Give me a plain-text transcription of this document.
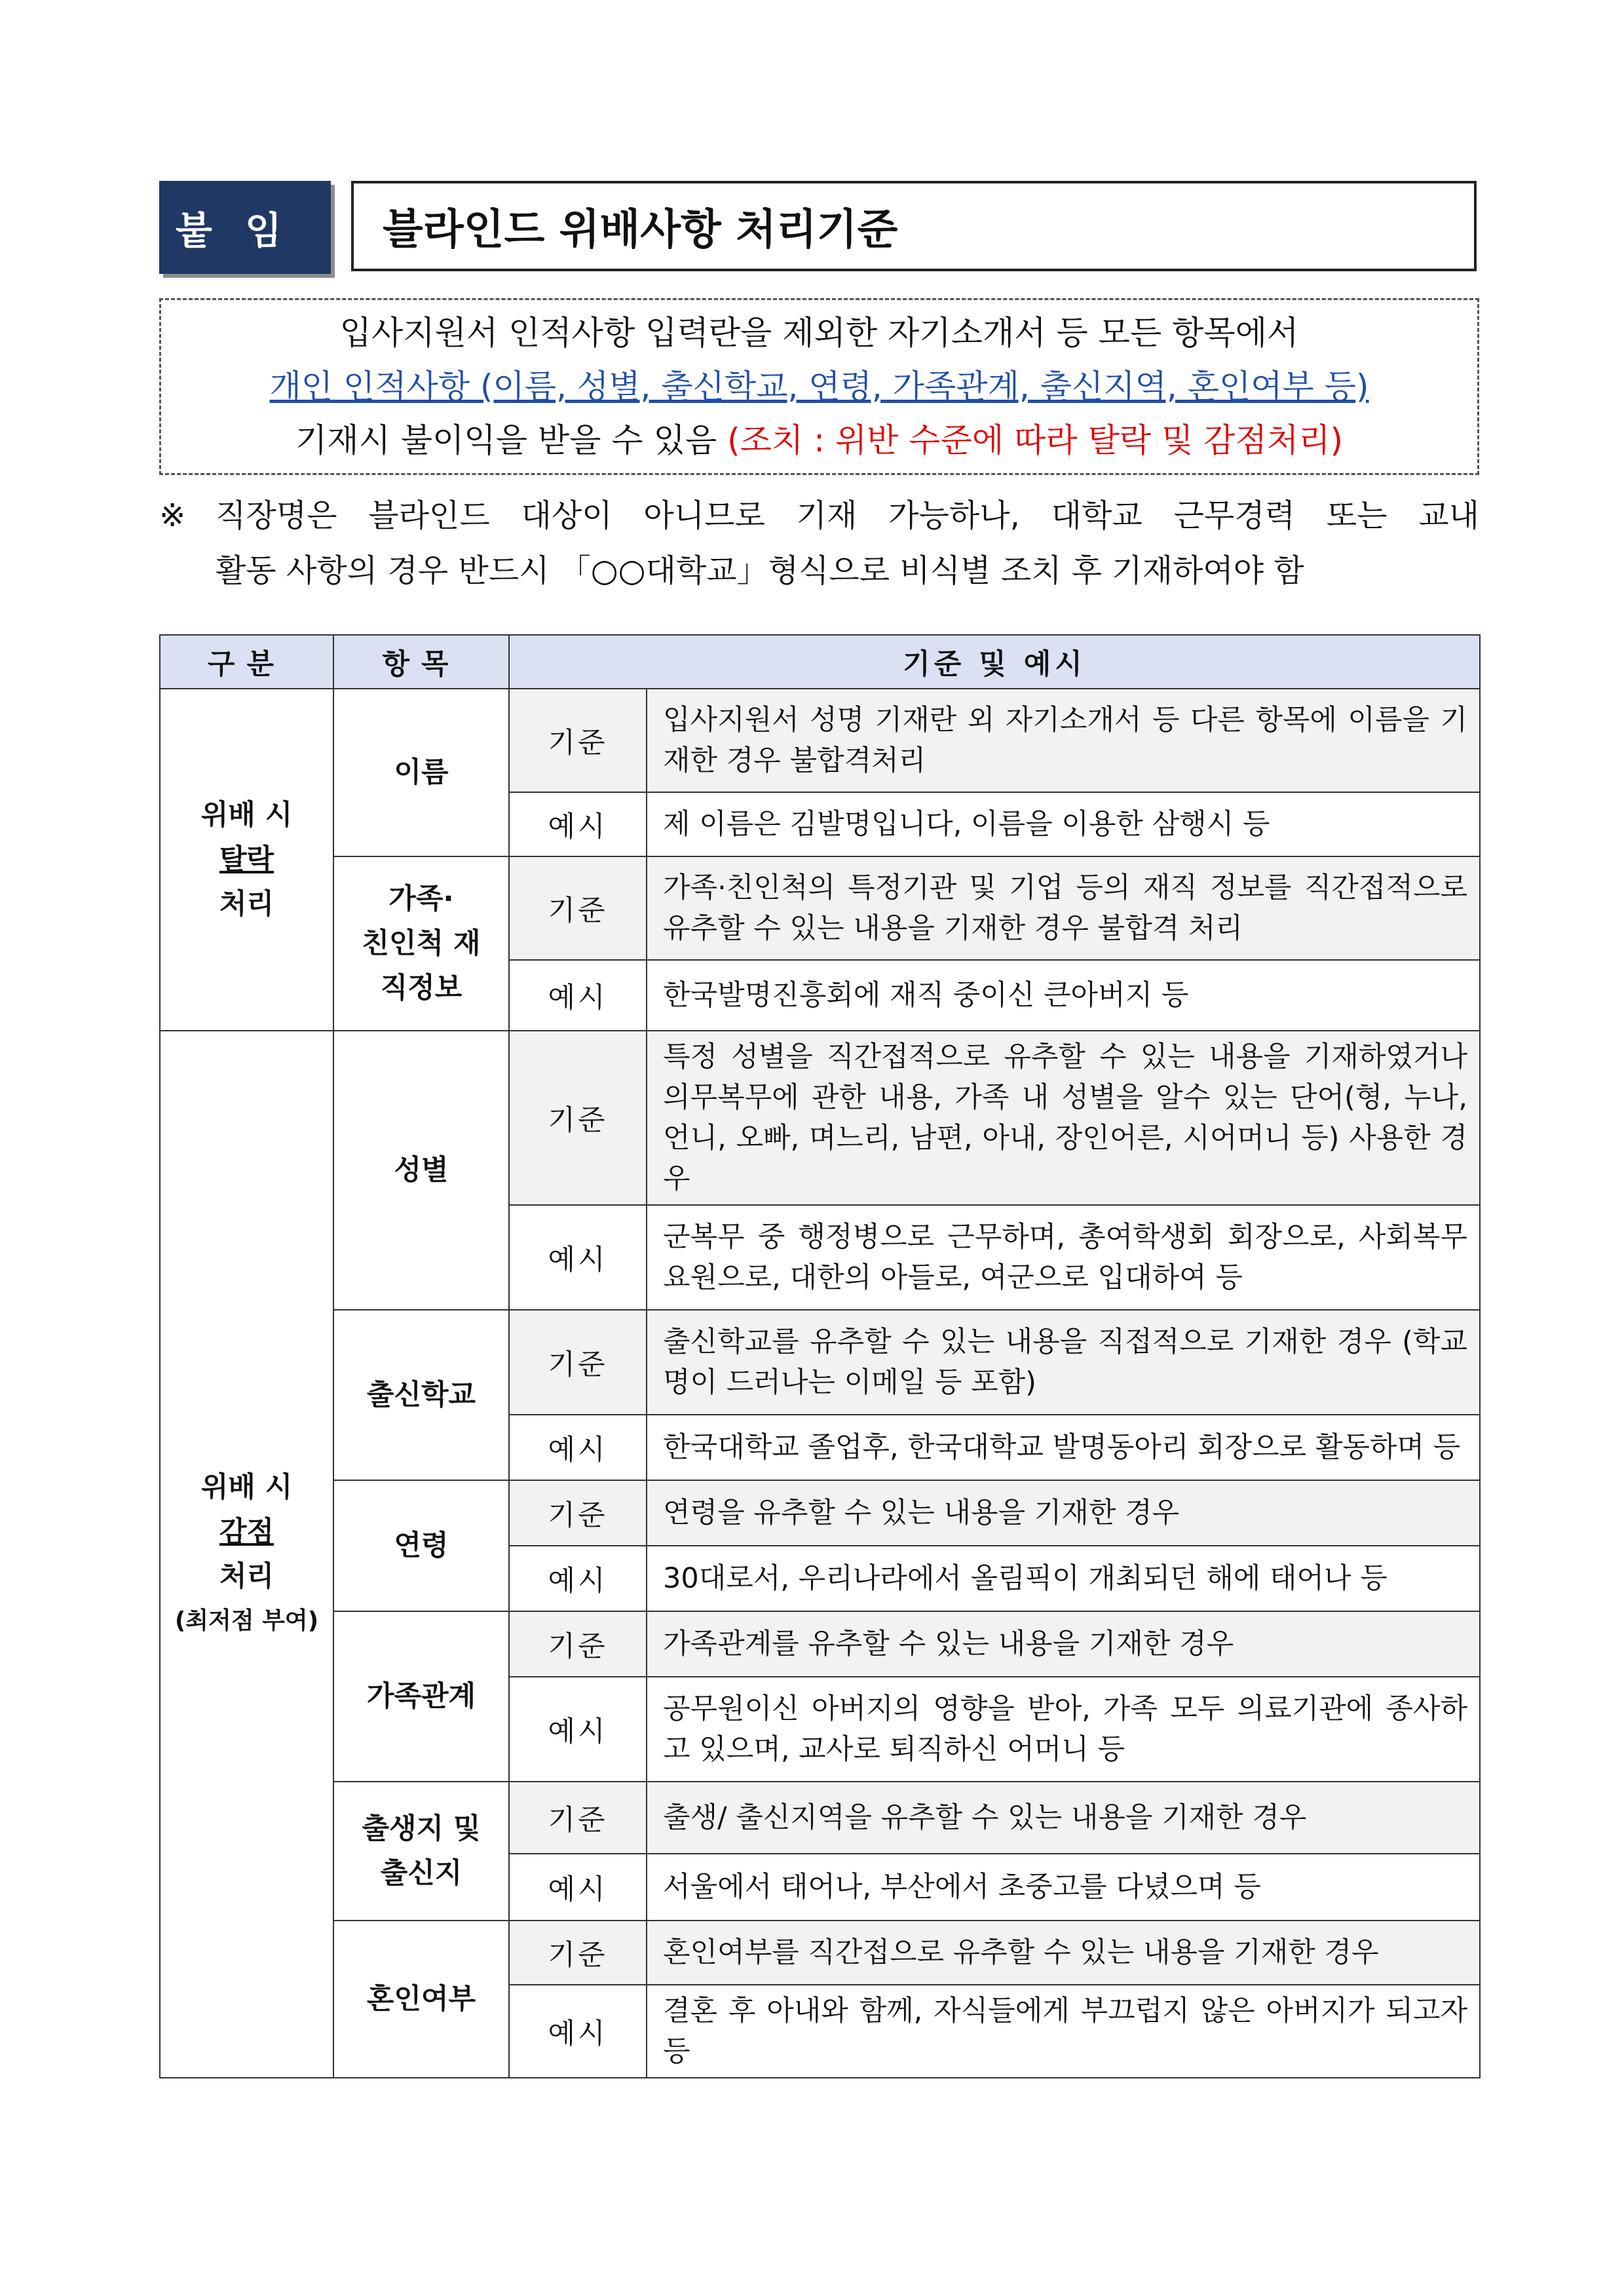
붙임 블라인드 위배사항 처리기준
입사지원서 인적사항 입력란을 제외한 자기소개서 등 모든 항목에서
개인 인적사항 (이름, 성별, 출신학교, 연령, 가족관계, 출신지역, 혼인여부 등)
기재시 불이익을 받을 수 있음 (조치 : 위반 수준에 따라 탈락 및 감점처리)
※ 직장명은 블라인드 대상이 아니므로 기재 가능하나, 대학교 근무경력 또는 교내
활동 사항의 경우 반드시 「○○대학교」형식으로 비식별 조치 후 기재하여야 함
구분	항목	기준 및 예시	

위배 시
탈락
처리	이름	기준	입사지원서 성명 기재란 외 자기소개서 등 다른 항목에 이름을 기재한 경우 불합격처리
		예시	제 이름은 김발명입니다, 이름을 이용한 삼행시 등

	가족·
친인척 재
직정보	기준	가족·친인척의 특정기관 및 기업 등의 재직 정보를 직간접적으로 유추할 수 있는 내용을 기재한 경우 불합격 처리
		예시	한국발명진흥회에 재직 중이신 큰아버지 등

위배 시
감점
처리
(최저점 부여)	성별	기준	특정 성별을 직간접적으로 유추할 수 있는 내용을 기재하였거나 의무복무에 관한 내용, 가족 내 성별을 알수 있는 단어(형, 누나, 언니, 오빠, 며느리, 남편, 아내, 장인어른, 시어머니 등) 사용한 경우
		예시	군복무 중 행정병으로 근무하며, 총여학생회 회장으로, 사회복무 요원으로, 대한의 아들로, 여군으로 입대하여 등

	출신학교	기준	출신학교를 유추할 수 있는 내용을 직접적으로 기재한 경우 (학교명이 드러나는 이메일 등 포함)
		예시	한국대학교 졸업후, 한국대학교 발명동아리 회장으로 활동하며 등

	연령	기준	연령을 유추할 수 있는 내용을 기재한 경우
		예시	30대로서, 우리나라에서 올림픽이 개최되던 해에 태어나 등

	가족관계	기준	가족관계를 유추할 수 있는 내용을 기재한 경우
		예시	공무원이신 아버지의 영향을 받아, 가족 모두 의료기관에 종사하고 있으며, 교사로 퇴직하신 어머니 등

	출생지 및
출신지	기준	출생/ 출신지역을 유추할 수 있는 내용을 기재한 경우
		예시	서울에서 태어나, 부산에서 초중고를 다녔으며 등

	혼인여부	기준	혼인여부를 직간접으로 유추할 수 있는 내용을 기재한 경우
		예시	결혼 후 아내와 함께, 자식들에게 부끄럽지 않은 아버지가 되고자 등
